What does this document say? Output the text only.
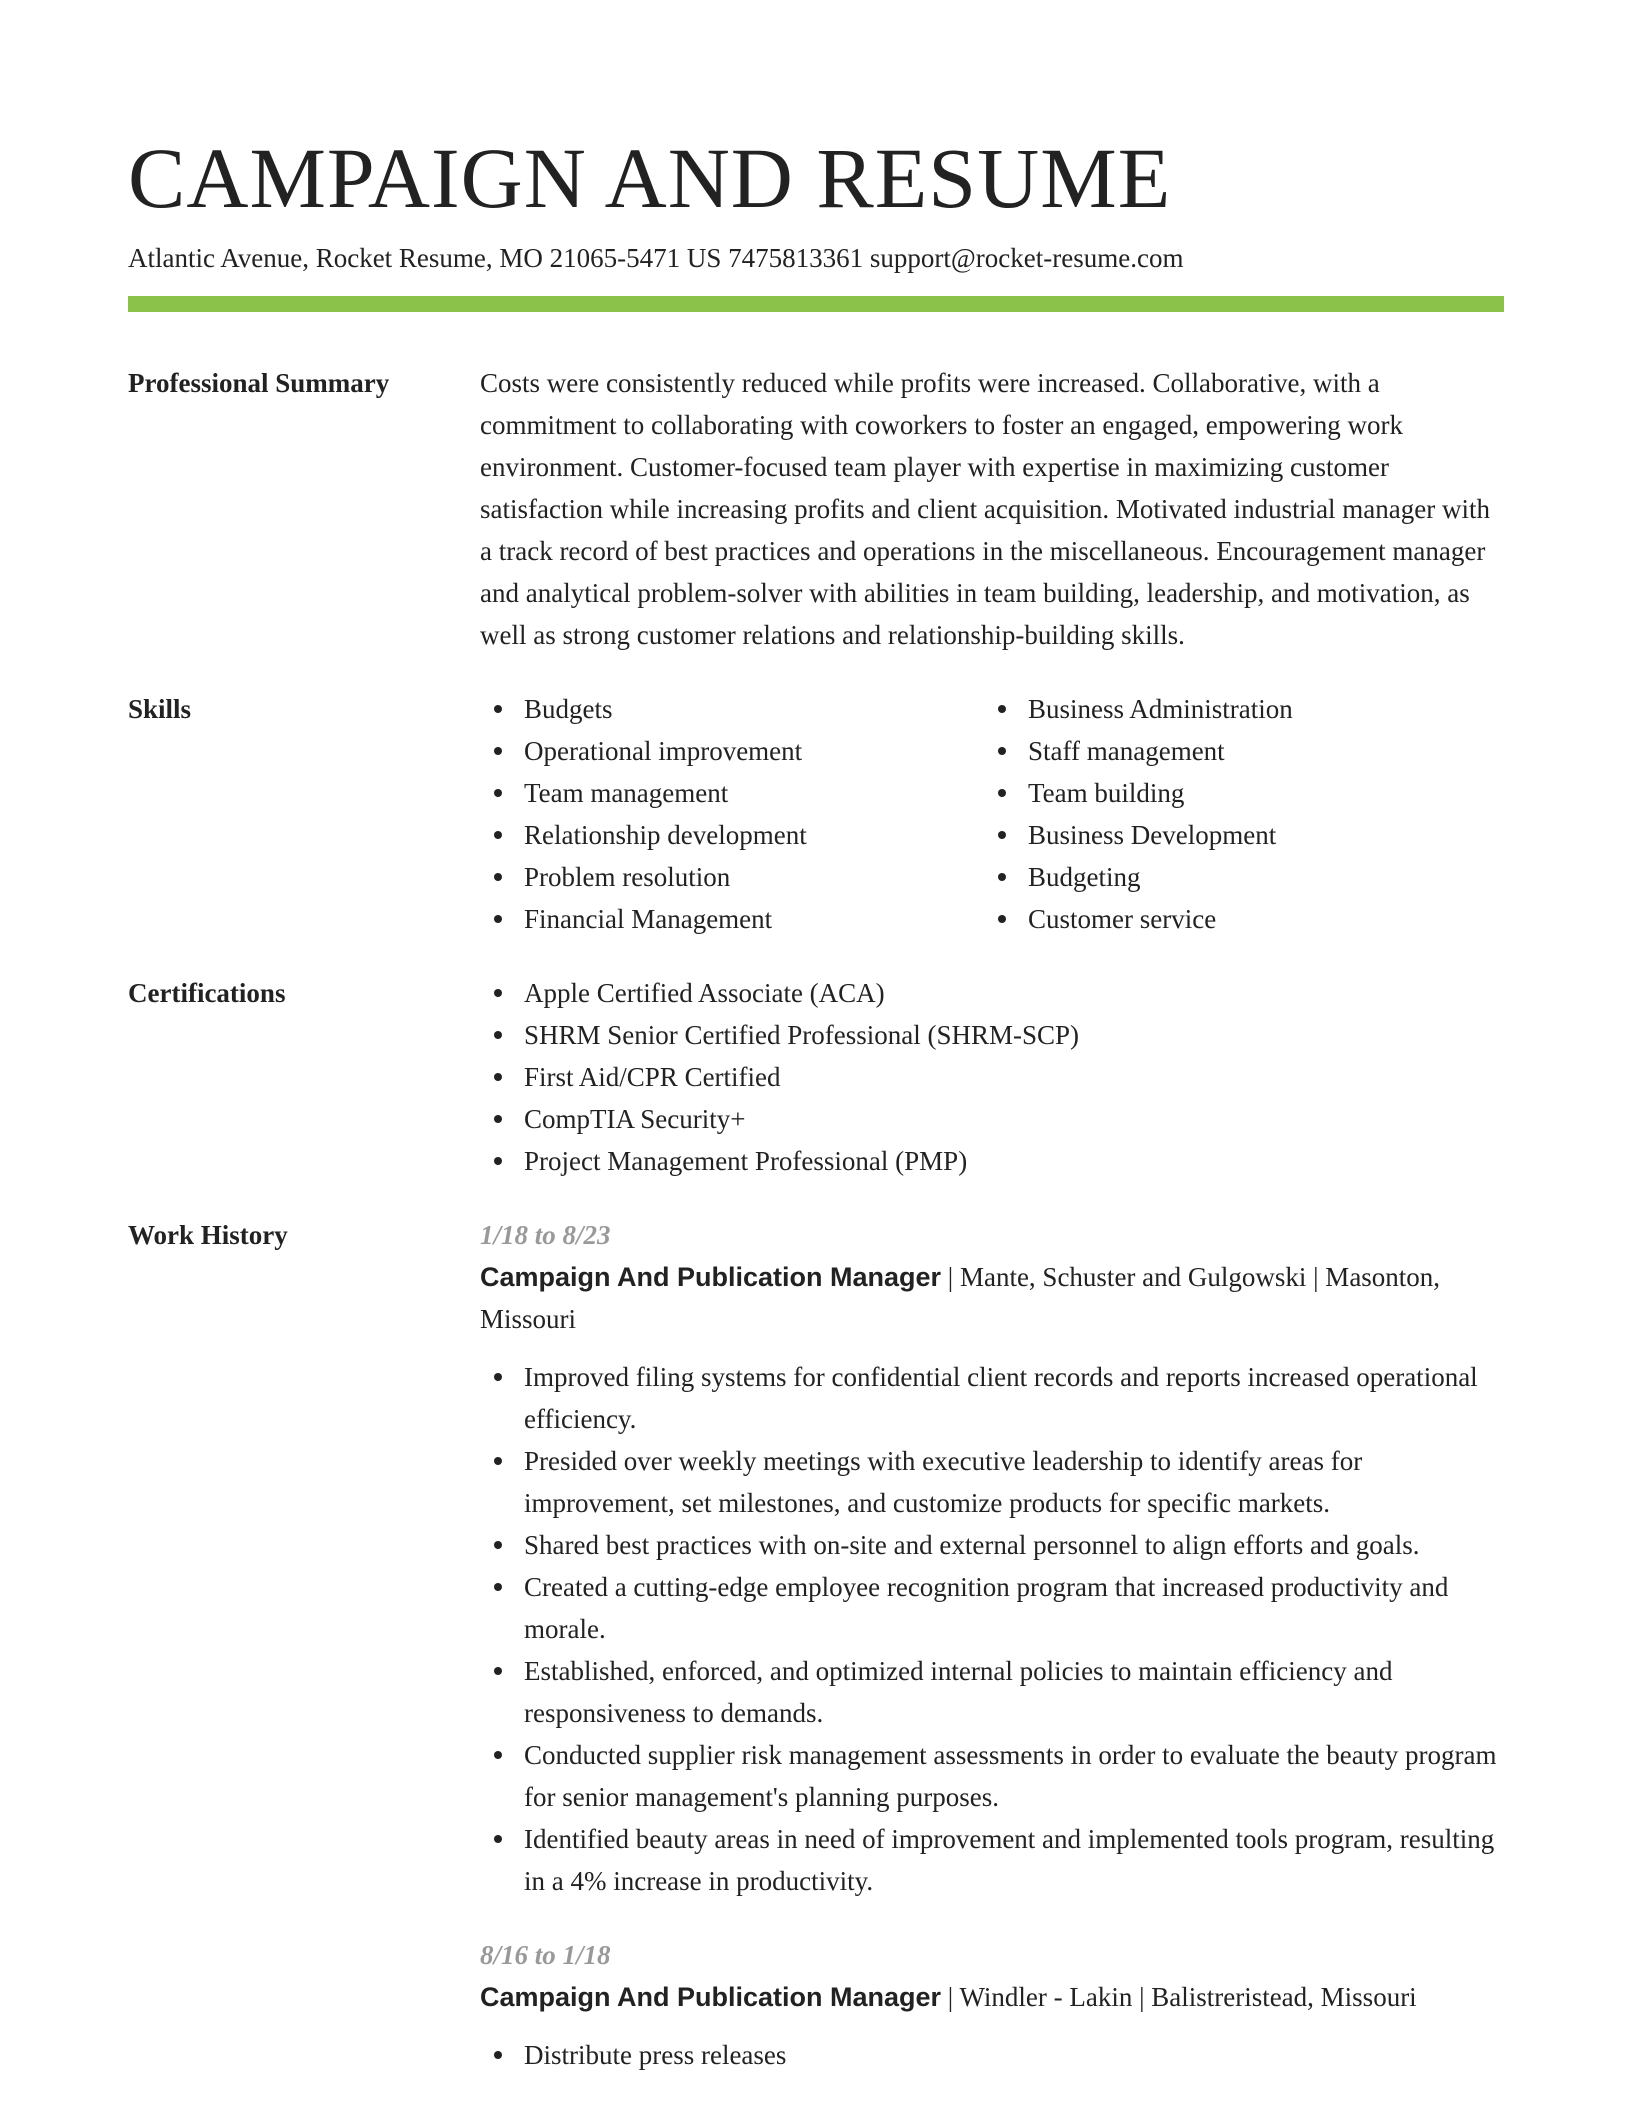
CAMPAIGN AND RESUME
Atlantic Avenue, Rocket Resume, MO 21065-5471 US 7475813361 support@rocket-resume.com
Professional Summary	Costs were consistently reduced while profits were increased. Collaborative, with a commitment to collaborating with coworkers to foster an engaged, empowering work environment. Customer-focused team player with expertise in maximizing customer satisfaction while increasing profits and client acquisition. Motivated industrial manager with a track record of best practices and operations in the miscellaneous. Encouragement manager and analytical problem-solver with abilities in team building, leadership, and motivation, as well as strong customer relations and relationship-building skills.
Skills	Budgets
Operational improvement
Team management
Relationship development
Problem resolution
Financial Management
Business Administration
Staff management
Team building
Business Development
Budgeting
Customer service
Certifications	Apple Certified Associate (ACA)
SHRM Senior Certified Professional (SHRM-SCP)
First Aid/CPR Certified
CompTIA Security+
Project Management Professional (PMP)
Work History	1/18 to 8/23
Campaign And Publication Manager | Mante, Schuster and Gulgowski | Masonton, Missouri
Improved filing systems for confidential client records and reports increased operational efficiency.
Presided over weekly meetings with executive leadership to identify areas for improvement, set milestones, and customize products for specific markets.
Shared best practices with on-site and external personnel to align efforts and goals.
Created a cutting-edge employee recognition program that increased productivity and morale.
Established, enforced, and optimized internal policies to maintain efficiency and responsiveness to demands.
Conducted supplier risk management assessments in order to evaluate the beauty program for senior management's planning purposes.
Identified beauty areas in need of improvement and implemented tools program, resulting in a 4% increase in productivity.
8/16 to 1/18
Campaign And Publication Manager | Windler - Lakin | Balistreristead, Missouri
Distribute press releases
